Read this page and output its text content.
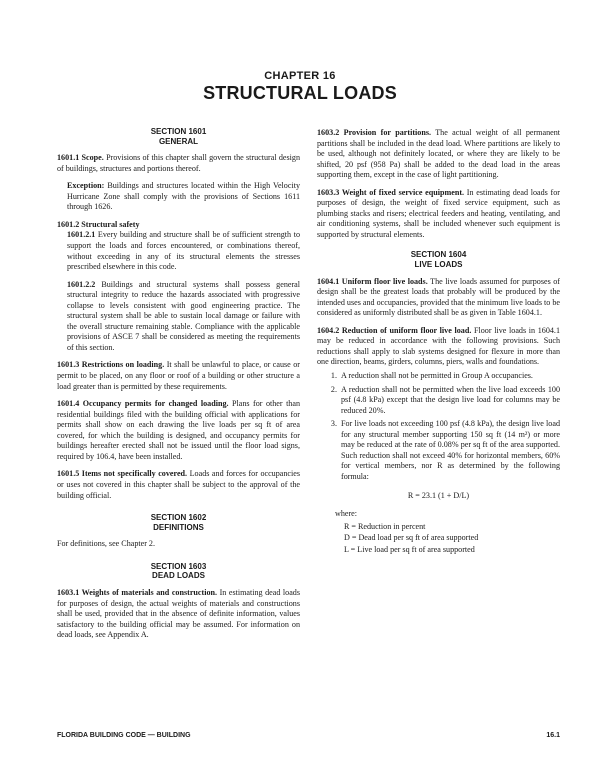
CHAPTER 16
STRUCTURAL LOADS
SECTION 1601
GENERAL

1601.1 Scope. Provisions of this chapter shall govern the structural design of buildings, structures and portions thereof.

Exception: Buildings and structures located within the High Velocity Hurricane Zone shall comply with the provisions of Sections 1611 through 1626.

1601.2 Structural safety

1601.2.1 Every building and structure shall be of sufficient strength to support the loads and forces encountered, or combinations thereof, without exceeding in any of its structural elements the stresses prescribed elsewhere in this code.

1601.2.2 Buildings and structural systems shall possess general structural integrity to reduce the hazards associated with progressive collapse to levels consistent with good engineering practice. The structural system shall be able to sustain local damage or failure with the overall structure remaining stable. Compliance with the applicable provisions of ASCE 7 shall be considered as meeting the requirements of this section.

1601.3 Restrictions on loading. It shall be unlawful to place, or cause or permit to be placed, on any floor or roof of a building or other structure a load greater than is permitted by these requirements.

1601.4 Occupancy permits for changed loading. Plans for other than residential buildings filed with the building official with applications for permits shall show on each drawing the live loads per sq ft of area covered, for which the building is designed, and occupancy permits for buildings hereafter erected shall not be issued until the floor load signs, required by 106.4, have been installed.

1601.5 Items not specifically covered. Loads and forces for occupancies or uses not covered in this chapter shall be subject to the approval of the building official.

SECTION 1602
DEFINITIONS

For definitions, see Chapter 2.

SECTION 1603
DEAD LOADS

1603.1 Weights of materials and construction. In estimating dead loads for purposes of design, the actual weights of materials and constructions shall be used, provided that in the absence of definite information, values satisfactory to the building official may be assumed. For information on dead loads, see Appendix A.

1603.2 Provision for partitions. The actual weight of all permanent partitions shall be included in the dead load. Where partitions are likely to be used, although not definitely located, or where they are likely to be shifted, 20 psf (958 Pa) shall be added to the dead load in the areas supporting them, except in the case of light partitioning.

1603.3 Weight of fixed service equipment. In estimating dead loads for purposes of design, the weight of fixed service equipment, such as plumbing stacks and risers; electrical feeders and heating, ventilating, and air conditioning systems, shall be included whenever such equipment is supported by structural elements.

SECTION 1604
LIVE LOADS

1604.1 Uniform floor live loads. The live loads assumed for purposes of design shall be the greatest loads that probably will be produced by the intended uses and occupancies, provided that the minimum live loads to be considered as uniformly distributed shall be as given in Table 1604.1.

1604.2 Reduction of uniform floor live load. Floor live loads in 1604.1 may be reduced in accordance with the following provisions. Such reductions shall apply to slab systems designed for flexure in more than one direction, beams, girders, columns, piers, walls and foundations.

1. A reduction shall not be permitted in Group A occupancies.
2. A reduction shall not be permitted when the live load exceeds 100 psf (4.8 kPa) except that the design live load for columns may be reduced 20%.
3. For live loads not exceeding 100 psf (4.8 kPa), the design live load for any structural member supporting 150 sq ft (14 m²) or more may be reduced at the rate of 0.08% per sq ft of the area supported. Such reduction shall not exceed 40% for horizontal members, 60% for vertical members, nor R as determined by the following formula:
R = 23.1 (1 + D/L)
where:
R = Reduction in percent
D = Dead load per sq ft of area supported
L = Live load per sq ft of area supported
FLORIDA BUILDING CODE — BUILDING	16.1
